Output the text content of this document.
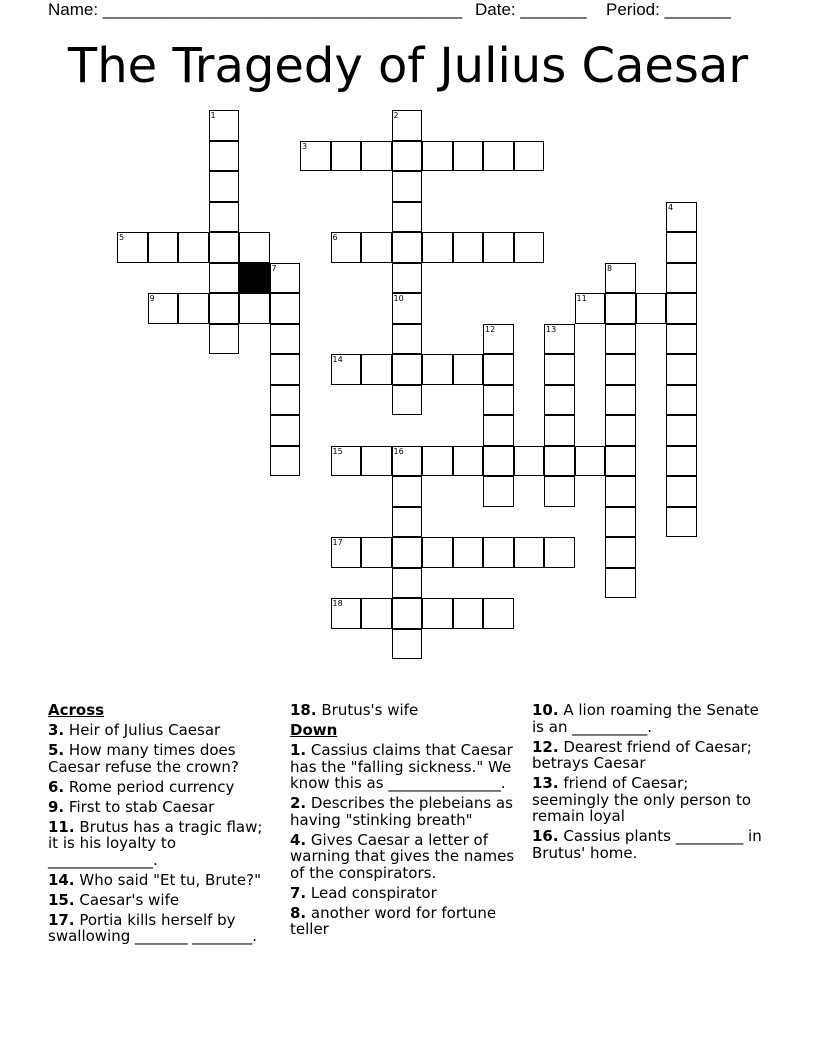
Name: ______________________________________ Date: _______ Period: _______
The Tragedy of Julius Caesar
1	2
3
4
5	6
7	8
9	10	11
12	13
14
15	16
17
18
Across
3. Heir of Julius Caesar
5. How many times does Caesar refuse the crown?
6. Rome period currency
9. First to stab Caesar
11. Brutus has a tragic flaw; it is his loyalty to ______________.
14. Who said "Et tu, Brute?"
15. Caesar's wife
17. Portia kills herself by swallowing _______ ________.
18. Brutus's wife
Down
1. Cassius claims that Caesar has the "falling sickness." We know this as _______________.
2. Describes the plebeians as having "stinking breath"
4. Gives Caesar a letter of warning that gives the names of the conspirators.
7. Lead conspirator
8. another word for fortune teller
10. A lion roaming the Senate is an __________.
12. Dearest friend of Caesar; betrays Caesar
13. friend of Caesar; seemingly the only person to remain loyal
16. Cassius plants _________ in Brutus' home.
